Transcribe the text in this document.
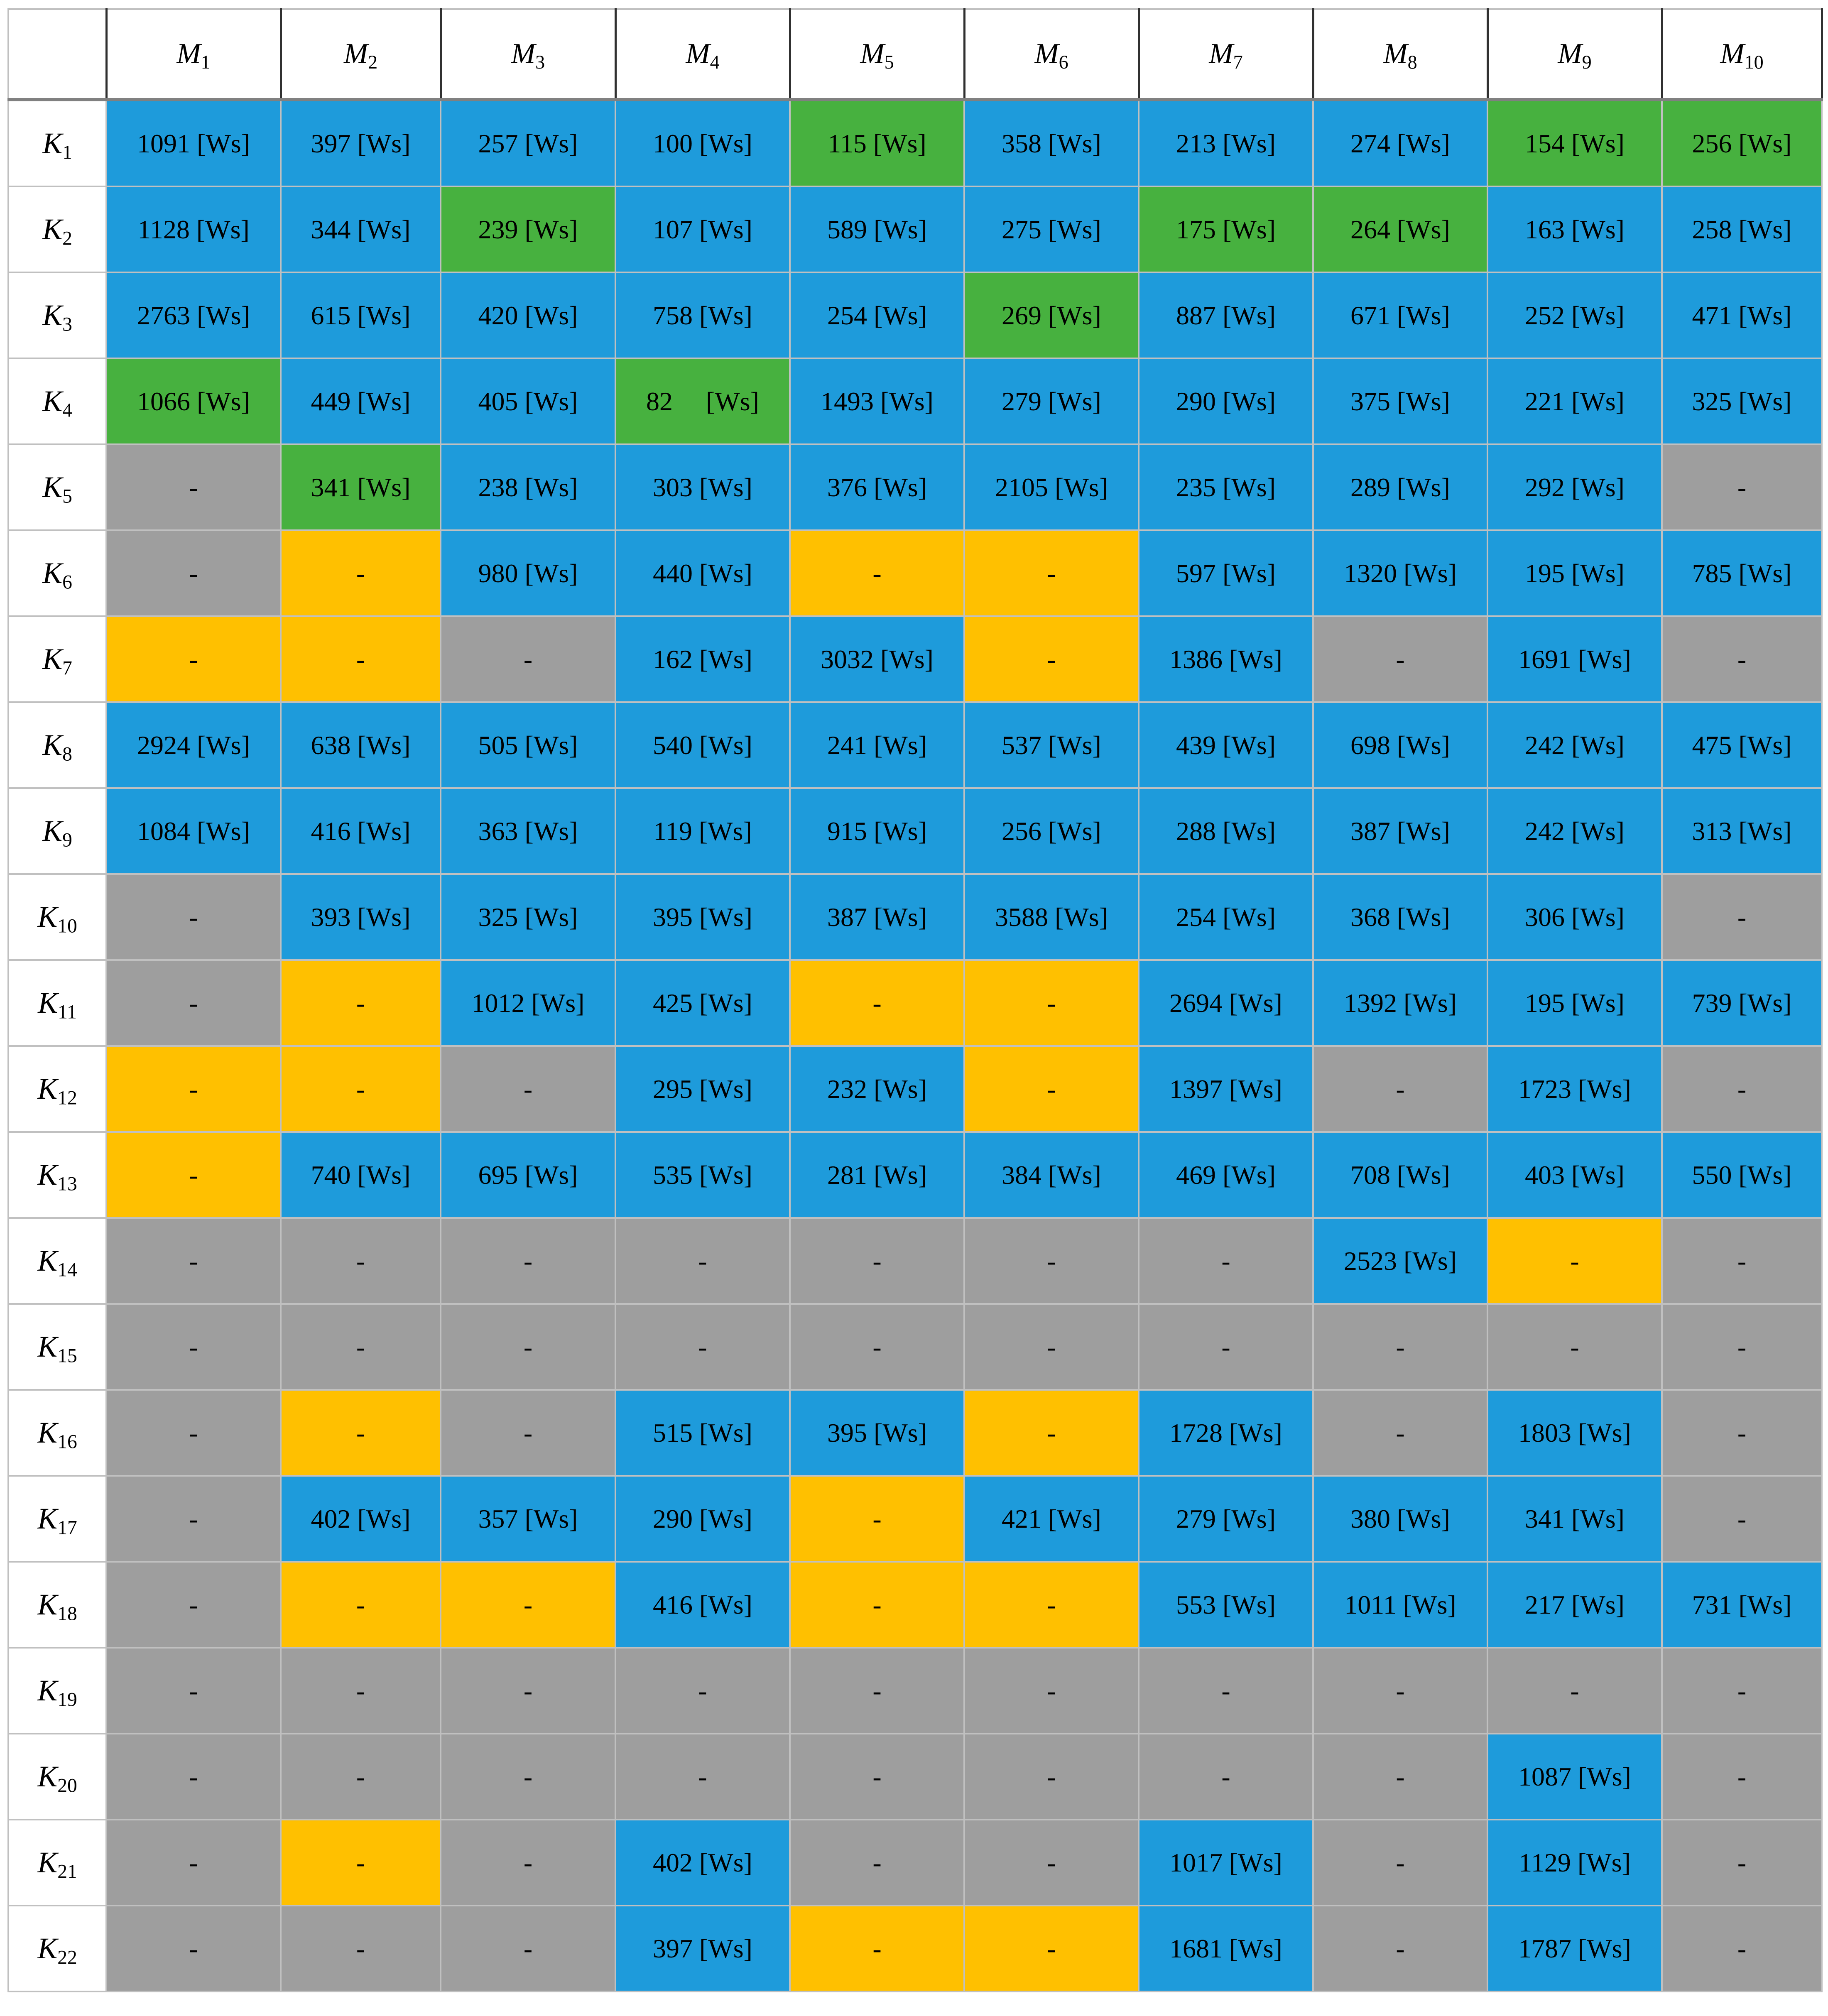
	$M_1$	$M_2$	$M_3$	$M_4$	$M_5$	$M_6$	$M_7$	$M_8$	$M_9$	$M_{10}$
$K_1$	1091 [Ws]	397 [Ws]	257 [Ws]	100 [Ws]	115 [Ws]	358 [Ws]	213 [Ws]	274 [Ws]	154 [Ws]	256 [Ws]
$K_2$	1128 [Ws]	344 [Ws]	239 [Ws]	107 [Ws]	589 [Ws]	275 [Ws]	175 [Ws]	264 [Ws]	163 [Ws]	258 [Ws]
$K_3$	2763 [Ws]	615 [Ws]	420 [Ws]	758 [Ws]	254 [Ws]	269 [Ws]	887 [Ws]	671 [Ws]	252 [Ws]	471 [Ws]
$K_4$	1066 [Ws]	449 [Ws]	405 [Ws]	82     [Ws]	1493 [Ws]	279 [Ws]	290 [Ws]	375 [Ws]	221 [Ws]	325 [Ws]
$K_5$	-	341 [Ws]	238 [Ws]	303 [Ws]	376 [Ws]	2105 [Ws]	235 [Ws]	289 [Ws]	292 [Ws]	-
$K_6$	-	-	980 [Ws]	440 [Ws]	-	-	597 [Ws]	1320 [Ws]	195 [Ws]	785 [Ws]
$K_7$	-	-	-	162 [Ws]	3032 [Ws]	-	1386 [Ws]	-	1691 [Ws]	-
$K_8$	2924 [Ws]	638 [Ws]	505 [Ws]	540 [Ws]	241 [Ws]	537 [Ws]	439 [Ws]	698 [Ws]	242 [Ws]	475 [Ws]
$K_9$	1084 [Ws]	416 [Ws]	363 [Ws]	119 [Ws]	915 [Ws]	256 [Ws]	288 [Ws]	387 [Ws]	242 [Ws]	313 [Ws]
$K_{10}$	-	393 [Ws]	325 [Ws]	395 [Ws]	387 [Ws]	3588 [Ws]	254 [Ws]	368 [Ws]	306 [Ws]	-
$K_{11}$	-	-	1012 [Ws]	425 [Ws]	-	-	2694 [Ws]	1392 [Ws]	195 [Ws]	739 [Ws]
$K_{12}$	-	-	-	295 [Ws]	232 [Ws]	-	1397 [Ws]	-	1723 [Ws]	-
$K_{13}$	-	740 [Ws]	695 [Ws]	535 [Ws]	281 [Ws]	384 [Ws]	469 [Ws]	708 [Ws]	403 [Ws]	550 [Ws]
$K_{14}$	-	-	-	-	-	-	-	2523 [Ws]	-	-
$K_{15}$	-	-	-	-	-	-	-	-	-	-
$K_{16}$	-	-	-	515 [Ws]	395 [Ws]	-	1728 [Ws]	-	1803 [Ws]	-
$K_{17}$	-	402 [Ws]	357 [Ws]	290 [Ws]	-	421 [Ws]	279 [Ws]	380 [Ws]	341 [Ws]	-
$K_{18}$	-	-	-	416 [Ws]	-	-	553 [Ws]	1011 [Ws]	217 [Ws]	731 [Ws]
$K_{19}$	-	-	-	-	-	-	-	-	-	-
$K_{20}$	-	-	-	-	-	-	-	-	1087 [Ws]	-
$K_{21}$	-	-	-	402 [Ws]	-	-	1017 [Ws]	-	1129 [Ws]	-
$K_{22}$	-	-	-	397 [Ws]	-	-	1681 [Ws]	-	1787 [Ws]	-
